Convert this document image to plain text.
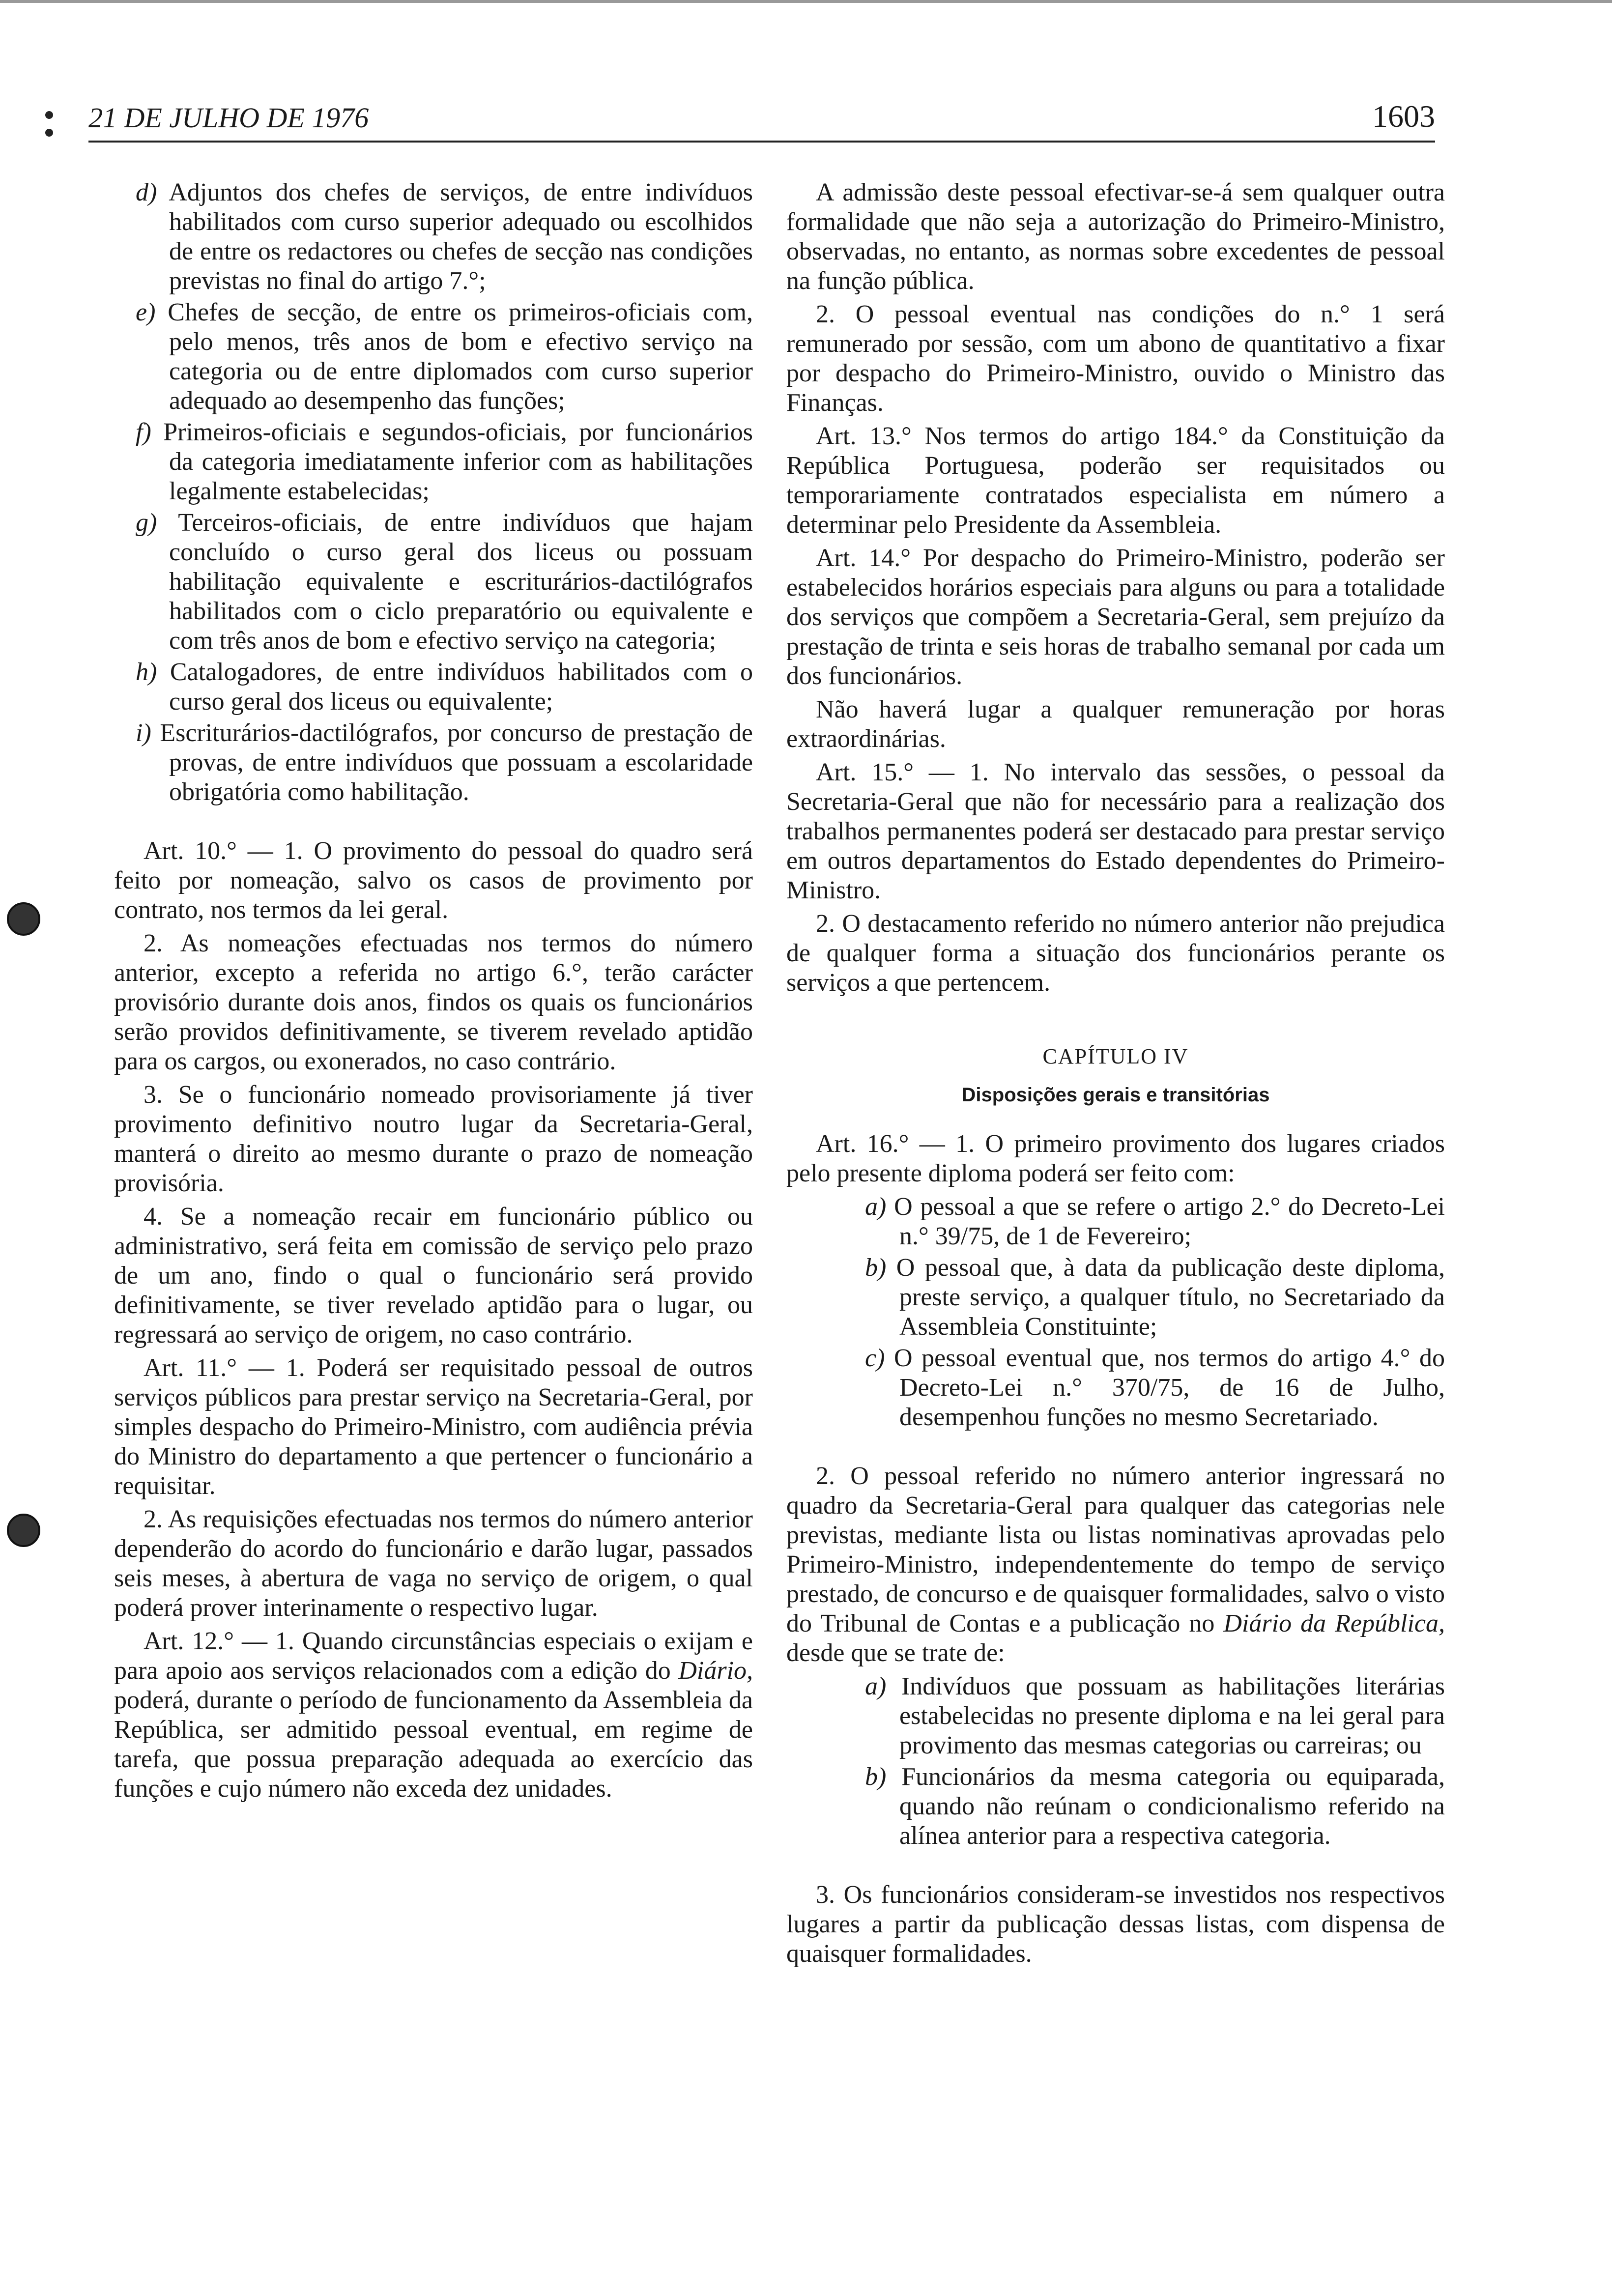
21 DE JULHO DE 1976	1603
d) Adjuntos dos chefes de serviços, de entre indivíduos habilitados com curso superior adequado ou escolhidos de entre os redactores ou chefes de secção nas condições previstas no final do artigo 7.°;
e) Chefes de secção, de entre os primeiros-oficiais com, pelo menos, três anos de bom e efectivo serviço na categoria ou de entre diplomados com curso superior adequado ao desempenho das funções;
f) Primeiros-oficiais e segundos-oficiais, por funcionários da categoria imediatamente inferior com as habilitações legalmente estabelecidas;
g) Terceiros-oficiais, de entre indivíduos que hajam concluído o curso geral dos liceus ou possuam habilitação equivalente e escriturários-dactilógrafos habilitados com o ciclo preparatório ou equivalente e com três anos de bom e efectivo serviço na categoria;
h) Catalogadores, de entre indivíduos habilitados com o curso geral dos liceus ou equivalente;
i) Escriturários-dactilógrafos, por concurso de prestação de provas, de entre indivíduos que possuam a escolaridade obrigatória como habilitação.

Art. 10.° — 1. O provimento do pessoal do quadro será feito por nomeação, salvo os casos de provimento por contrato, nos termos da lei geral.

2. As nomeações efectuadas nos termos do número anterior, excepto a referida no artigo 6.°, terão carácter provisório durante dois anos, findos os quais os funcionários serão providos definitivamente, se tiverem revelado aptidão para os cargos, ou exonerados, no caso contrário.

3. Se o funcionário nomeado provisoriamente já tiver provimento definitivo noutro lugar da Secretaria-Geral, manterá o direito ao mesmo durante o prazo de nomeação provisória.

4. Se a nomeação recair em funcionário público ou administrativo, será feita em comissão de serviço pelo prazo de um ano, findo o qual o funcionário será provido definitivamente, se tiver revelado aptidão para o lugar, ou regressará ao serviço de origem, no caso contrário.

Art. 11.° — 1. Poderá ser requisitado pessoal de outros serviços públicos para prestar serviço na Secretaria-Geral, por simples despacho do Primeiro-Ministro, com audiência prévia do Ministro do departamento a que pertencer o funcionário a requisitar.

2. As requisições efectuadas nos termos do número anterior dependerão do acordo do funcionário e darão lugar, passados seis meses, à abertura de vaga no serviço de origem, o qual poderá prover interinamente o respectivo lugar.

Art. 12.° — 1. Quando circunstâncias especiais o exijam e para apoio aos serviços relacionados com a edição do Diário, poderá, durante o período de funcionamento da Assembleia da República, ser admitido pessoal eventual, em regime de tarefa, que possua preparação adequada ao exercício das funções e cujo número não exceda dez unidades.

A admissão deste pessoal efectivar-se-á sem qualquer outra formalidade que não seja a autorização do Primeiro-Ministro, observadas, no entanto, as normas sobre excedentes de pessoal na função pública.

2. O pessoal eventual nas condições do n.° 1 será remunerado por sessão, com um abono de quantitativo a fixar por despacho do Primeiro-Ministro, ouvido o Ministro das Finanças.

Art. 13.° Nos termos do artigo 184.° da Constituição da República Portuguesa, poderão ser requisitados ou temporariamente contratados especialista em número a determinar pelo Presidente da Assembleia.

Art. 14.° Por despacho do Primeiro-Ministro, poderão ser estabelecidos horários especiais para alguns ou para a totalidade dos serviços que compõem a Secretaria-Geral, sem prejuízo da prestação de trinta e seis horas de trabalho semanal por cada um dos funcionários.

Não haverá lugar a qualquer remuneração por horas extraordinárias.

Art. 15.° — 1. No intervalo das sessões, o pessoal da Secretaria-Geral que não for necessário para a realização dos trabalhos permanentes poderá ser destacado para prestar serviço em outros departamentos do Estado dependentes do Primeiro-Ministro.

2. O destacamento referido no número anterior não prejudica de qualquer forma a situação dos funcionários perante os serviços a que pertencem.

CAPÍTULO IV
Disposições gerais e transitórias

Art. 16.° — 1. O primeiro provimento dos lugares criados pelo presente diploma poderá ser feito com:

a) O pessoal a que se refere o artigo 2.° do Decreto-Lei n.° 39/75, de 1 de Fevereiro;
b) O pessoal que, à data da publicação deste diploma, preste serviço, a qualquer título, no Secretariado da Assembleia Constituinte;
c) O pessoal eventual que, nos termos do artigo 4.° do Decreto-Lei n.° 370/75, de 16 de Julho, desempenhou funções no mesmo Secretariado.

2. O pessoal referido no número anterior ingressará no quadro da Secretaria-Geral para qualquer das categorias nele previstas, mediante lista ou listas nominativas aprovadas pelo Primeiro-Ministro, independentemente do tempo de serviço prestado, de concurso e de quaisquer formalidades, salvo o visto do Tribunal de Contas e a publicação no Diário da República, desde que se trate de:

a) Indivíduos que possuam as habilitações literárias estabelecidas no presente diploma e na lei geral para provimento das mesmas categorias ou carreiras; ou
b) Funcionários da mesma categoria ou equiparada, quando não reúnam o condicionalismo referido na alínea anterior para a respectiva categoria.

3. Os funcionários consideram-se investidos nos respectivos lugares a partir da publicação dessas listas, com dispensa de quaisquer formalidades.
